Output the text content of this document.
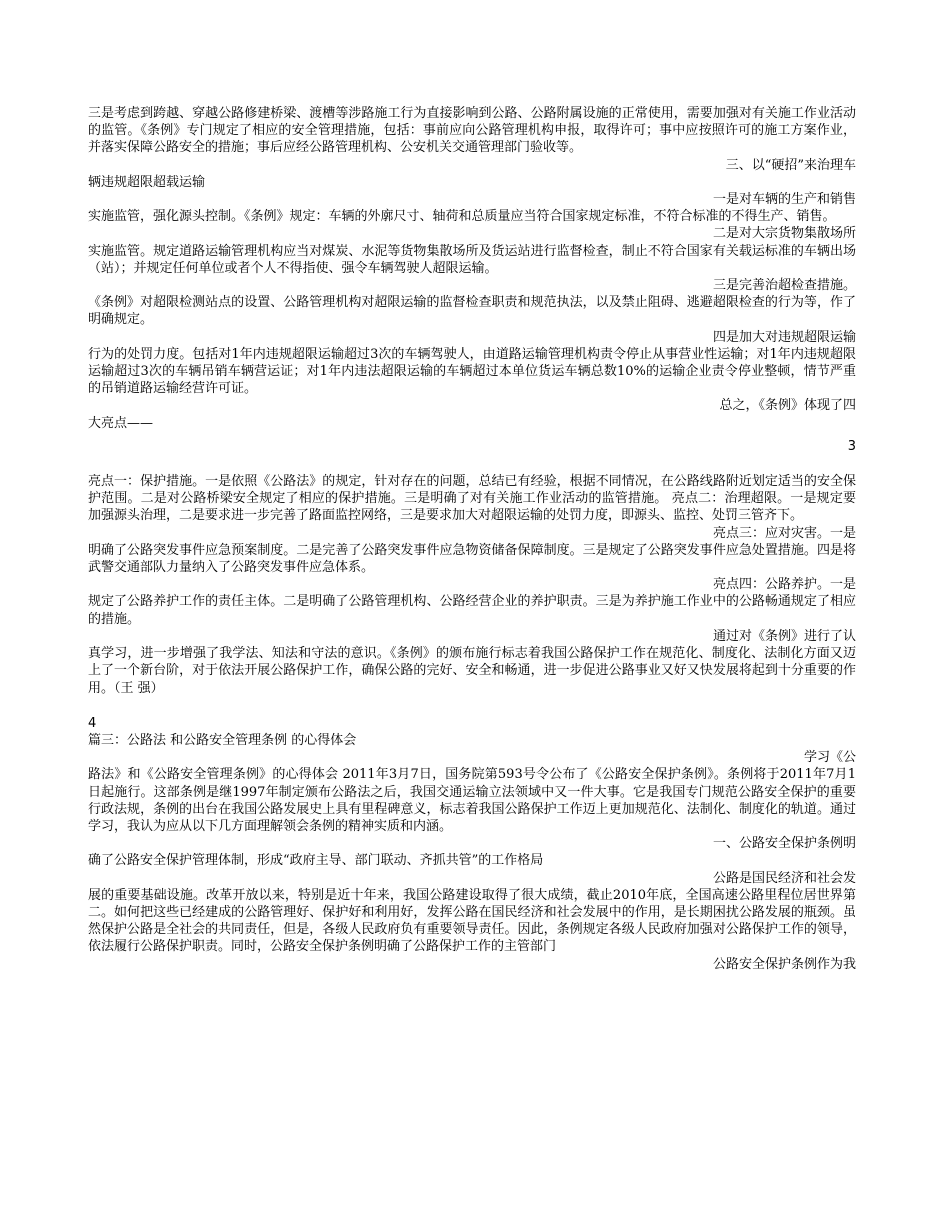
三是考虑到跨越、穿越公路修建桥梁、渡槽等涉路施工行为直接影响到公路、公路附属设施的正常使用，需要加强对有关施工作业活动的监管。《条例》专门规定了相应的安全管理措施，包括：事前应向公路管理机构申报，取得许可；事中应按照许可的施工方案作业，并落实保障公路安全的措施；事后应经公路管理机构、公安机关交通管理部门验收等。

三、以“硬招”来治理车

辆违规超限超载运输

一是对车辆的生产和销售

实施监管，强化源头控制。《条例》规定：车辆的外廓尺寸、轴荷和总质量应当符合国家规定标准，不符合标准的不得生产、销售。

二是对大宗货物集散场所

实施监管。规定道路运输管理机构应当对煤炭、水泥等货物集散场所及货运站进行监督检查，制止不符合国家有关载运标准的车辆出场（站）；并规定任何单位或者个人不得指使、强令车辆驾驶人超限运输。

三是完善治超检查措施。

《条例》对超限检测站点的设置、公路管理机构对超限运输的监督检查职责和规范执法，以及禁止阻碍、逃避超限检查的行为等，作了明确规定。

四是加大对违规超限运输

行为的处罚力度。包括对1年内违规超限运输超过3次的车辆驾驶人，由道路运输管理机构责令停止从事营业性运输；对1年内违规超限运输超过3次的车辆吊销车辆营运证；对1年内违法超限运输的车辆超过本单位货运车辆总数10%的运输企业责令停业整顿，情节严重的吊销道路运输经营许可证。

总之，《条例》体现了四

大亮点——

3

亮点一：保护措施。一是依照《公路法》的规定，针对存在的问题，总结已有经验，根据不同情况，在公路线路附近划定适当的安全保护范围。二是对公路桥梁安全规定了相应的保护措施。三是明确了对有关施工作业活动的监管措施。 亮点二：治理超限。一是规定要加强源头治理，二是要求进一步完善了路面监控网络，三是要求加大对超限运输的处罚力度，即源头、监控、处罚三管齐下。

亮点三：应对灾害。一是

明确了公路突发事件应急预案制度。二是完善了公路突发事件应急物资储备保障制度。三是规定了公路突发事件应急处置措施。四是将武警交通部队力量纳入了公路突发事件应急体系。

亮点四：公路养护。一是

规定了公路养护工作的责任主体。二是明确了公路管理机构、公路经营企业的养护职责。三是为养护施工作业中的公路畅通规定了相应的措施。

通过对《条例》进行了认

真学习，进一步增强了我学法、知法和守法的意识。《条例》的颁布施行标志着我国公路保护工作在规范化、制度化、法制化方面又迈上了一个新台阶，对于依法开展公路保护工作，确保公路的完好、安全和畅通，进一步促进公路事业又好又快发展将起到十分重要的作用。（王 强）

4

篇三：公路法 和公路安全管理条例 的心得体会

学习《公

路法》和《公路安全管理条例》的心得体会 2011年3月7日，国务院第593号令公布了《公路安全保护条例》。条例将于2011年7月1日起施行。这部条例是继1997年制定颁布公路法之后，我国交通运输立法领域中又一件大事。它是我国专门规范公路安全保护的重要行政法规，条例的出台在我国公路发展史上具有里程碑意义，标志着我国公路保护工作迈上更加规范化、法制化、制度化的轨道。通过学习，我认为应从以下几方面理解领会条例的精神实质和内涵。

一、公路安全保护条例明

确了公路安全保护管理体制，形成“政府主导、部门联动、齐抓共管”的工作格局

公路是国民经济和社会发

展的重要基础设施。改革开放以来，特别是近十年来，我国公路建设取得了很大成绩，截止2010年底，全国高速公路里程位居世界第二。如何把这些已经建成的公路管理好、保护好和利用好，发挥公路在国民经济和社会发展中的作用，是长期困扰公路发展的瓶颈。虽然保护公路是全社会的共同责任，但是，各级人民政府负有重要领导责任。因此，条例规定各级人民政府加强对公路保护工作的领导，依法履行公路保护职责。同时，公路安全保护条例明确了公路保护工作的主管部门

公路安全保护条例作为我
